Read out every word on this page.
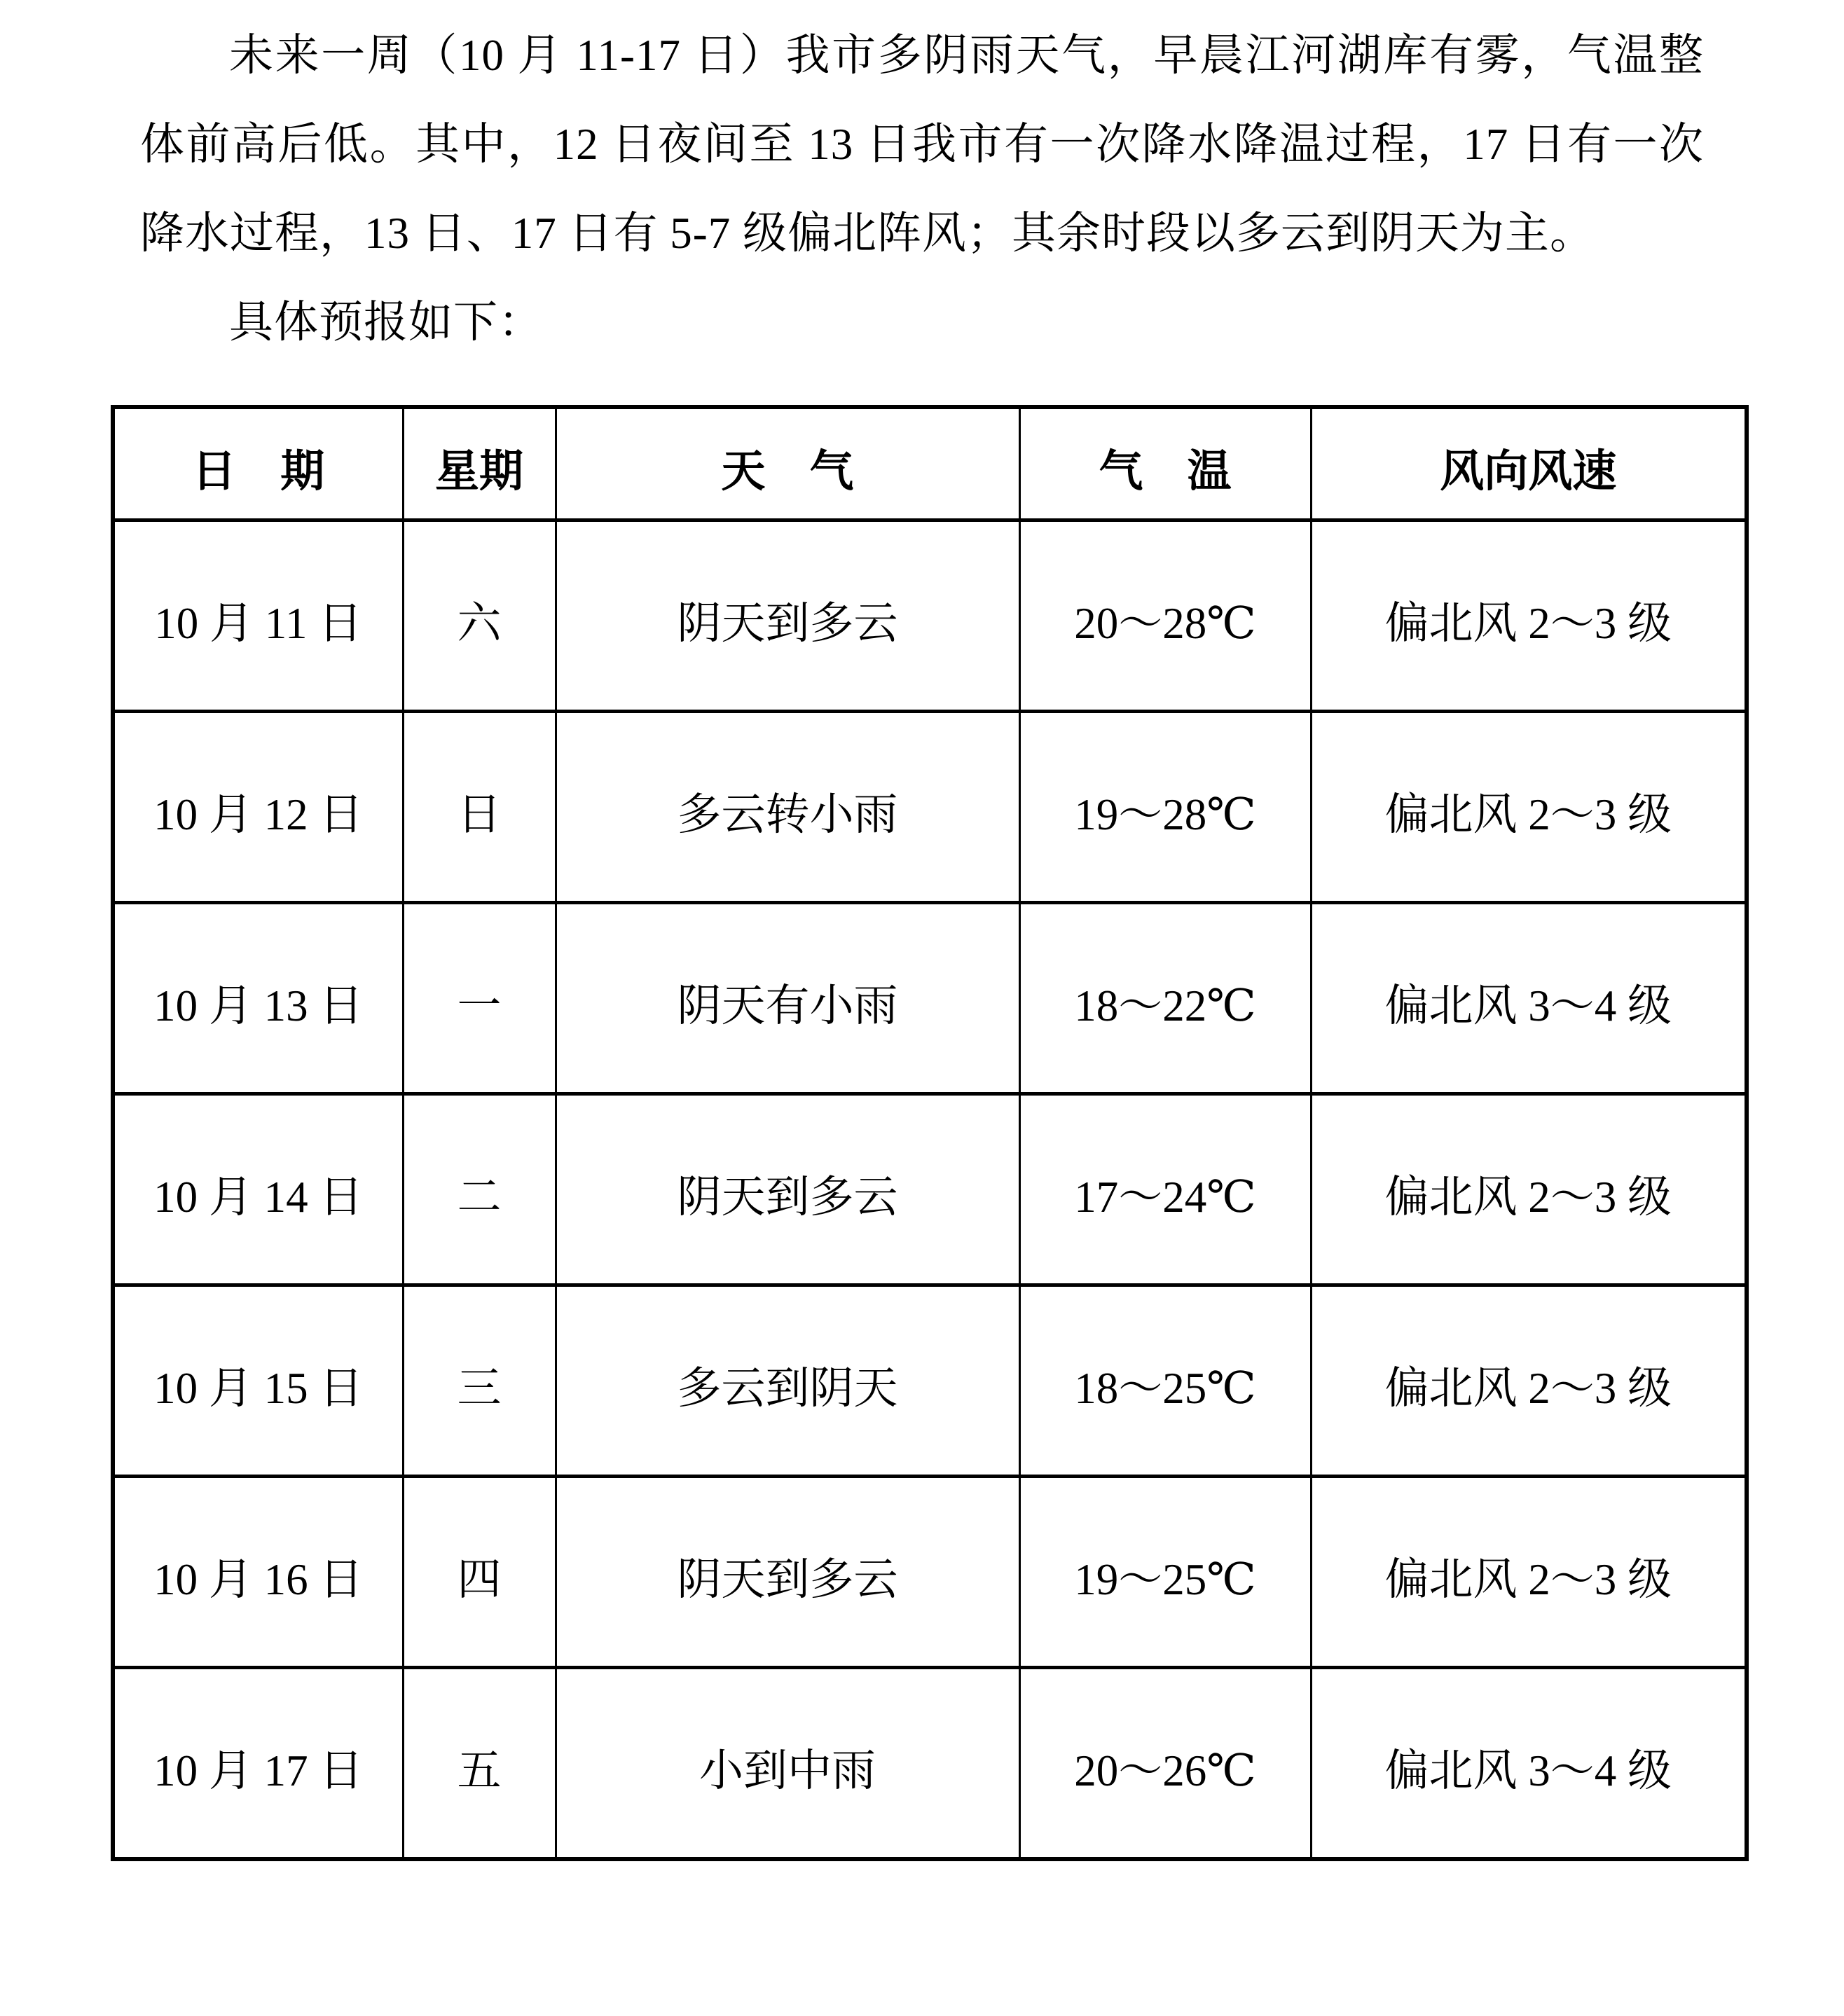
未来一周（10 月 11-17 日）我市多阴雨天气，早晨江河湖库有雾，气温整体前高后低。其中，12 日夜间至 13 日我市有一次降水降温过程，17 日有一次降水过程，13 日、17 日有 5-7 级偏北阵风；其余时段以多云到阴天为主。

具体预报如下：

日　期	星期	天　气	气　温	风向风速
10 月 11 日	六	阴天到多云	20～28℃	偏北风 2～3 级
10 月 12 日	日	多云转小雨	19～28℃	偏北风 2～3 级
10 月 13 日	一	阴天有小雨	18～22℃	偏北风 3～4 级
10 月 14 日	二	阴天到多云	17～24℃	偏北风 2～3 级
10 月 15 日	三	多云到阴天	18～25℃	偏北风 2～3 级
10 月 16 日	四	阴天到多云	19～25℃	偏北风 2～3 级
10 月 17 日	五	小到中雨	20～26℃	偏北风 3～4 级
